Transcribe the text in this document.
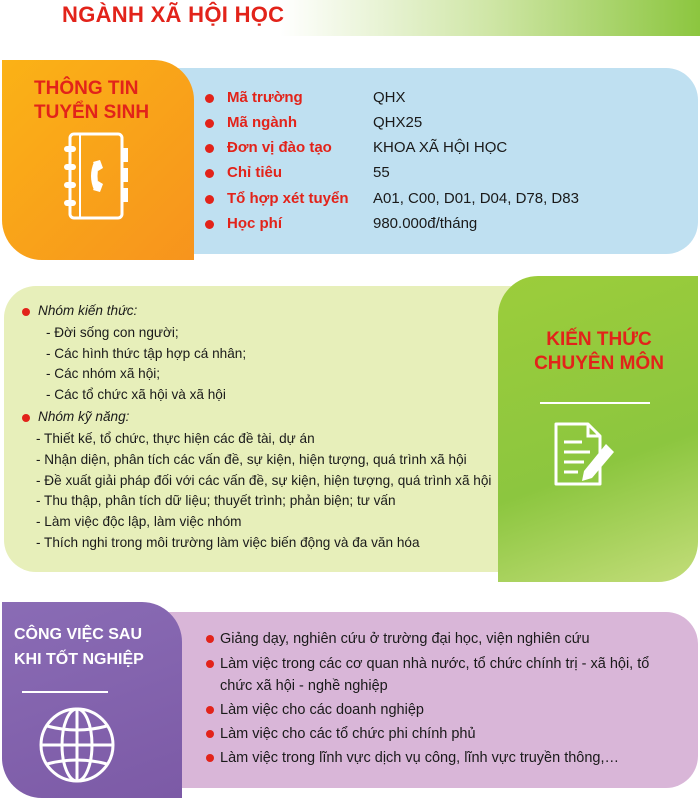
NGÀNH XÃ HỘI HỌC
THÔNG TIN
TUYỂN SINH
Mã trường	QHX
Mã ngành	QHX25
Đơn vị đào tạo	KHOA XÃ HỘI HỌC
Chỉ tiêu	55
Tổ hợp xét tuyển	A01, C00, D01, D04, D78, D83
Học phí	980.000đ/tháng
KIẾN THỨC
CHUYÊN MÔN
Nhóm kiến thức:
- Đời sống con người;
- Các hình thức tập hợp cá nhân;
- Các nhóm xã hội;
- Các tổ chức xã hội và xã hội
Nhóm kỹ năng:
- Thiết kế, tổ chức, thực hiện các đề tài, dự án
- Nhận diện, phân tích các vấn đề, sự kiện, hiện tượng, quá trình xã hội
- Đề xuất giải pháp đối với các vấn đề, sự kiện, hiện tượng, quá trình xã hội
- Thu thập, phân tích dữ liệu; thuyết trình; phản biện; tư vấn
- Làm việc độc lập, làm việc nhóm
- Thích nghi trong môi trường làm việc biến động và đa văn hóa
CÔNG VIỆC SAU
KHI TỐT NGHIỆP
Giảng dạy, nghiên cứu ở trường đại học, viện nghiên cứu
Làm việc trong các cơ quan nhà nước, tổ chức chính trị - xã hội, tổ chức xã hội - nghề nghiệp
Làm việc cho các doanh nghiệp
Làm việc cho các tổ chức phi chính phủ
Làm việc trong lĩnh vực dịch vụ công, lĩnh vực truyền thông,…
